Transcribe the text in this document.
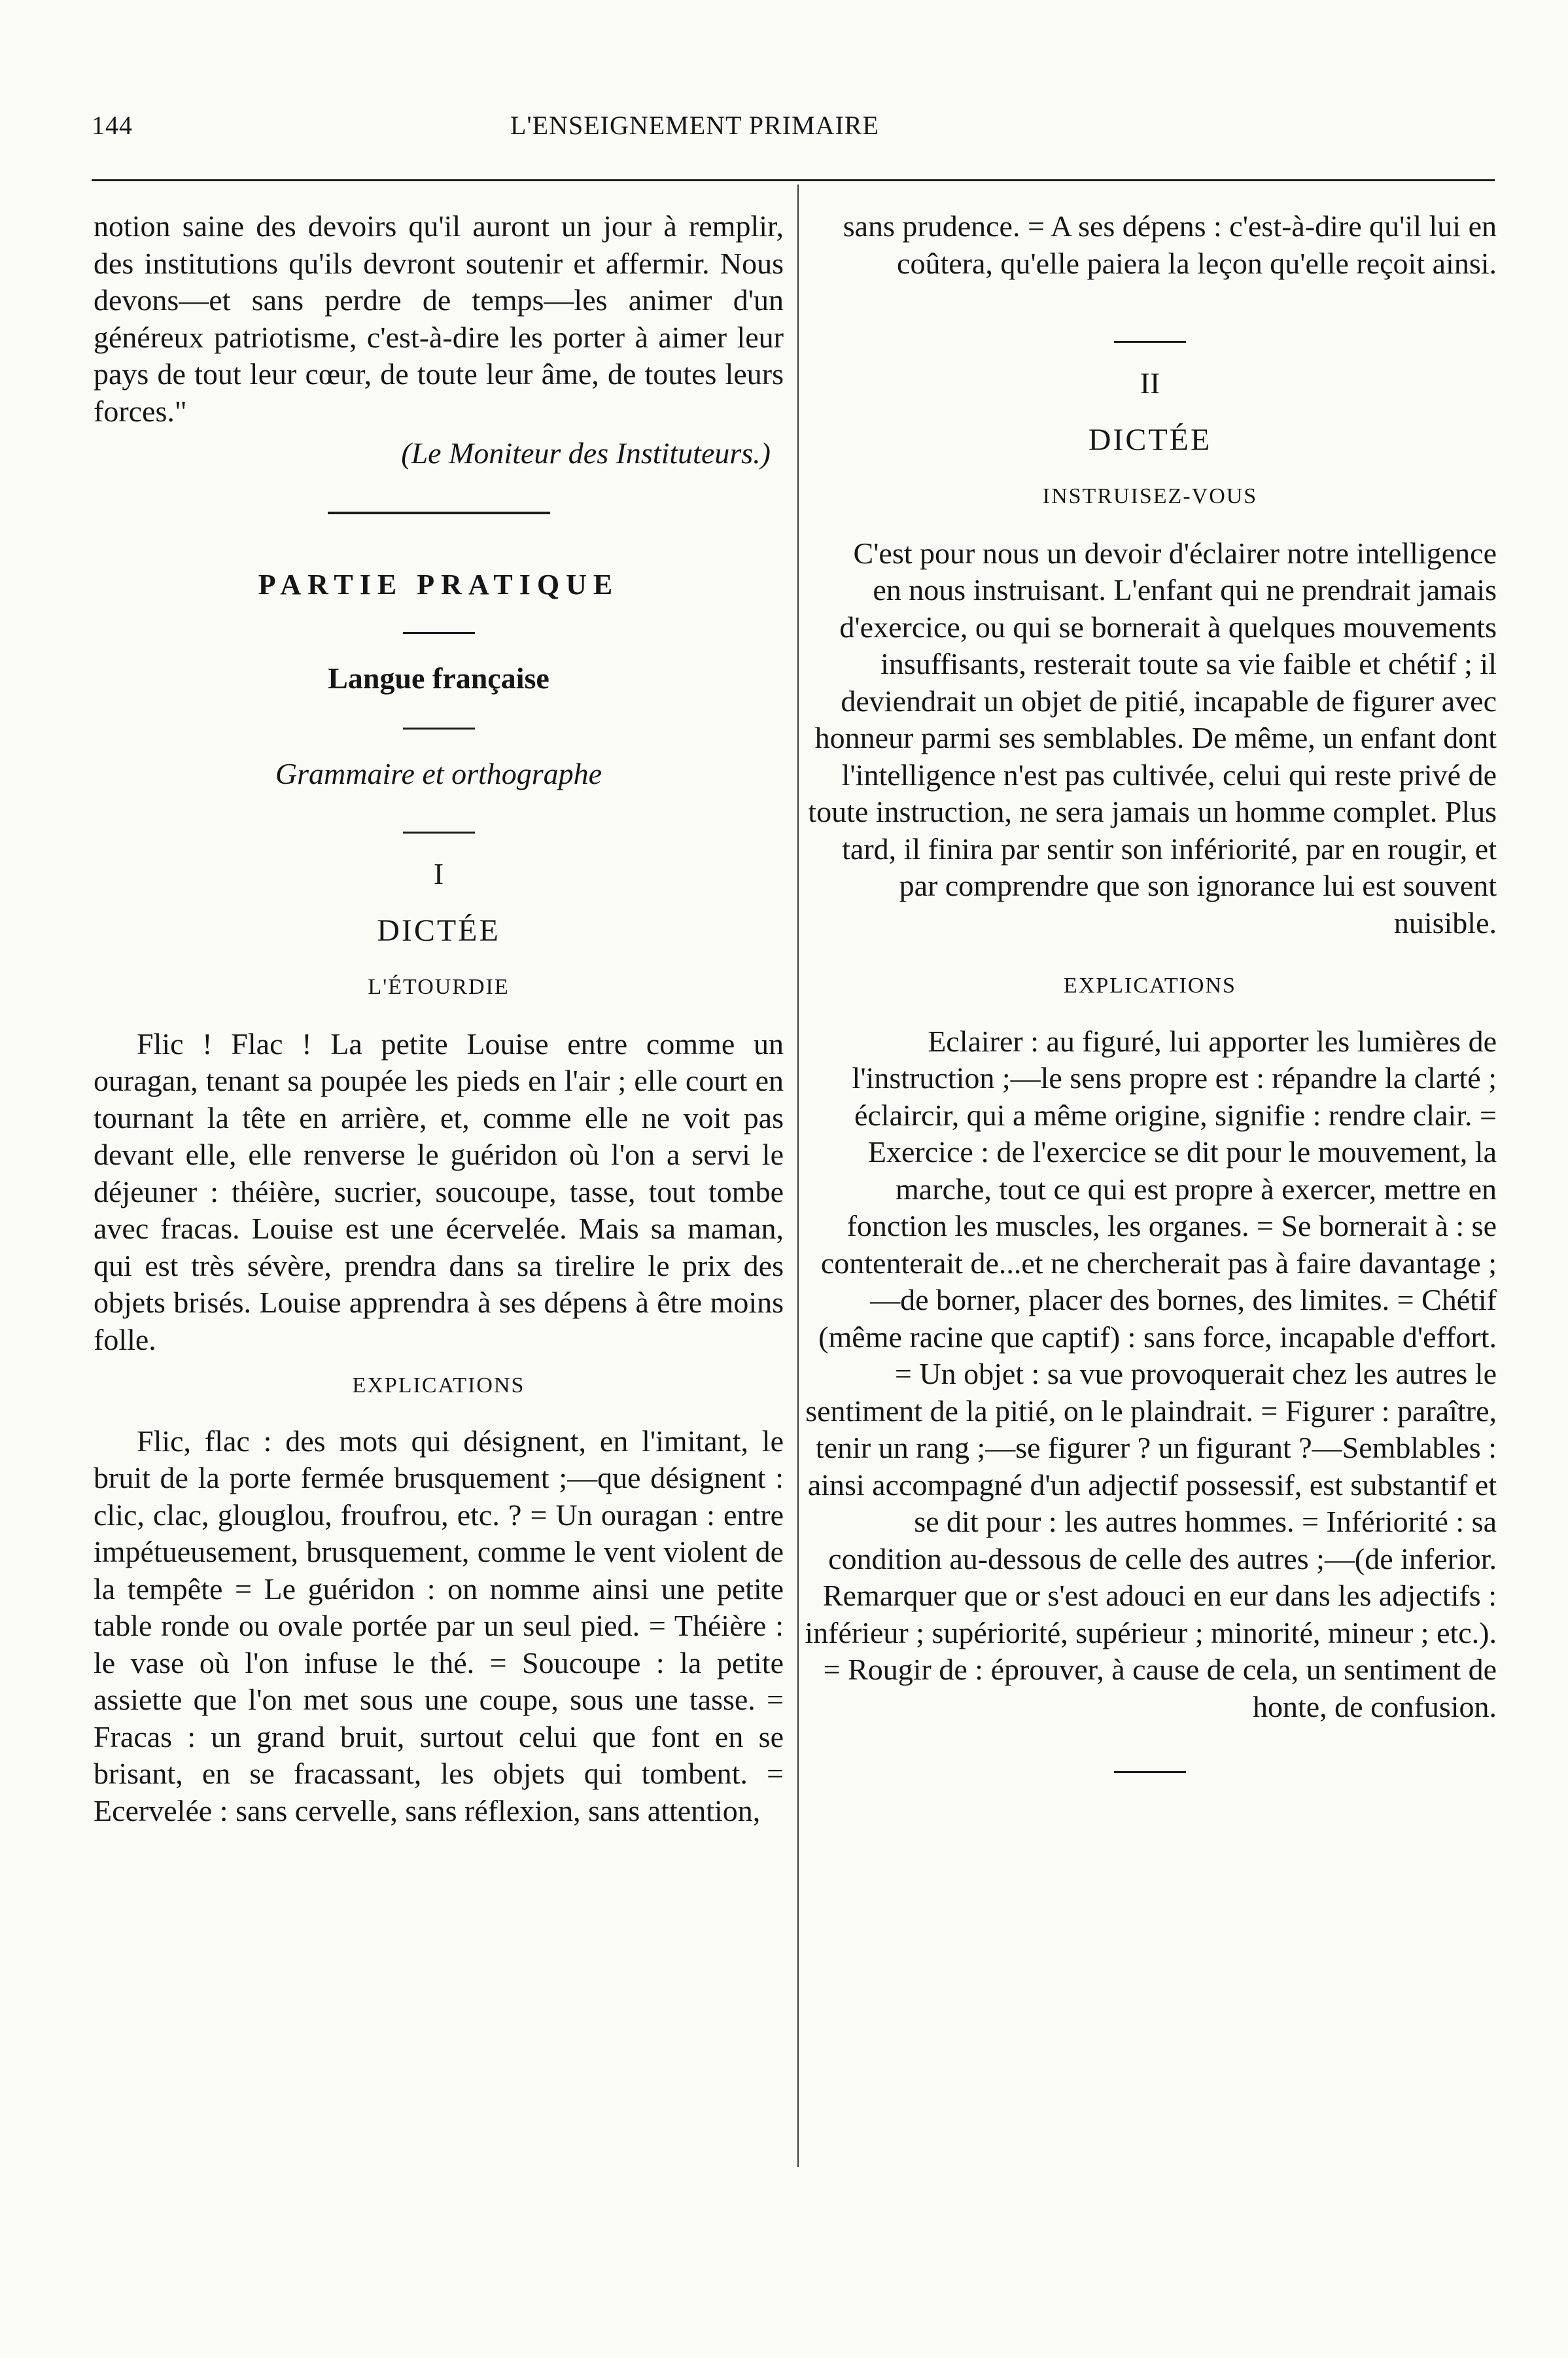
144	L'ENSEIGNEMENT PRIMAIRE

notion saine des devoirs qu'il auront un jour à remplir, des institutions qu'ils devront soutenir et affermir. Nous devons—et sans perdre de temps—les animer d'un généreux patriotisme, c'est-à-dire les porter à aimer leur pays de tout leur cœur, de toute leur âme, de toutes leurs forces."

(Le Moniteur des Instituteurs.)

PARTIE PRATIQUE
Langue française
Grammaire et orthographe
I
DICTÉE
L'ÉTOURDIE

Flic ! Flac ! La petite Louise entre comme un ouragan, tenant sa poupée les pieds en l'air ; elle court en tournant la tête en arrière, et, comme elle ne voit pas devant elle, elle renverse le guéridon où l'on a servi le déjeuner : théière, sucrier, soucoupe, tasse, tout tombe avec fracas. Louise est une écervelée. Mais sa maman, qui est très sévère, prendra dans sa tirelire le prix des objets brisés. Louise apprendra à ses dépens à être moins folle.

EXPLICATIONS

Flic, flac : des mots qui désignent, en l'imitant, le bruit de la porte fermée brusquement ;—que désignent : clic, clac, glouglou, froufrou, etc. ? = Un ouragan : entre impétueusement, brusquement, comme le vent violent de la tempête = Le guéridon : on nomme ainsi une petite table ronde ou ovale portée par un seul pied. = Théière : le vase où l'on infuse le thé. = Soucoupe : la petite assiette que l'on met sous une coupe, sous une tasse. = Fracas : un grand bruit, surtout celui que font en se brisant, en se fracassant, les objets qui tombent. = Ecervelée : sans cervelle, sans réflexion, sans attention,

sans prudence. = A ses dépens : c'est-à-dire qu'il lui en coûtera, qu'elle paiera la leçon qu'elle reçoit ainsi.

II
DICTÉE
INSTRUISEZ-VOUS

C'est pour nous un devoir d'éclairer notre intelligence en nous instruisant. L'enfant qui ne prendrait jamais d'exercice, ou qui se bornerait à quelques mouvements insuffisants, resterait toute sa vie faible et chétif ; il deviendrait un objet de pitié, incapable de figurer avec honneur parmi ses semblables. De même, un enfant dont l'intelligence n'est pas cultivée, celui qui reste privé de toute instruction, ne sera jamais un homme complet. Plus tard, il finira par sentir son infériorité, par en rougir, et par comprendre que son ignorance lui est souvent nuisible.

EXPLICATIONS

Eclairer : au figuré, lui apporter les lumières de l'instruction ;—le sens propre est : répandre la clarté ; éclaircir, qui a même origine, signifie : rendre clair. = Exercice : de l'exercice se dit pour le mouvement, la marche, tout ce qui est propre à exercer, mettre en fonction les muscles, les organes. = Se bornerait à : se contenterait de...et ne chercherait pas à faire davantage ;—de borner, placer des bornes, des limites. = Chétif (même racine que captif) : sans force, incapable d'effort. = Un objet : sa vue provoquerait chez les autres le sentiment de la pitié, on le plaindrait. = Figurer : paraître, tenir un rang ;—se figurer ? un figurant ?—Semblables : ainsi accompagné d'un adjectif possessif, est substantif et se dit pour : les autres hommes. = Infériorité : sa condition au-dessous de celle des autres ;—(de inferior. Remarquer que or s'est adouci en eur dans les adjectifs : inférieur ; supériorité, supérieur ; minorité, mineur ; etc.). = Rougir de : éprouver, à cause de cela, un sentiment de honte, de confusion.
